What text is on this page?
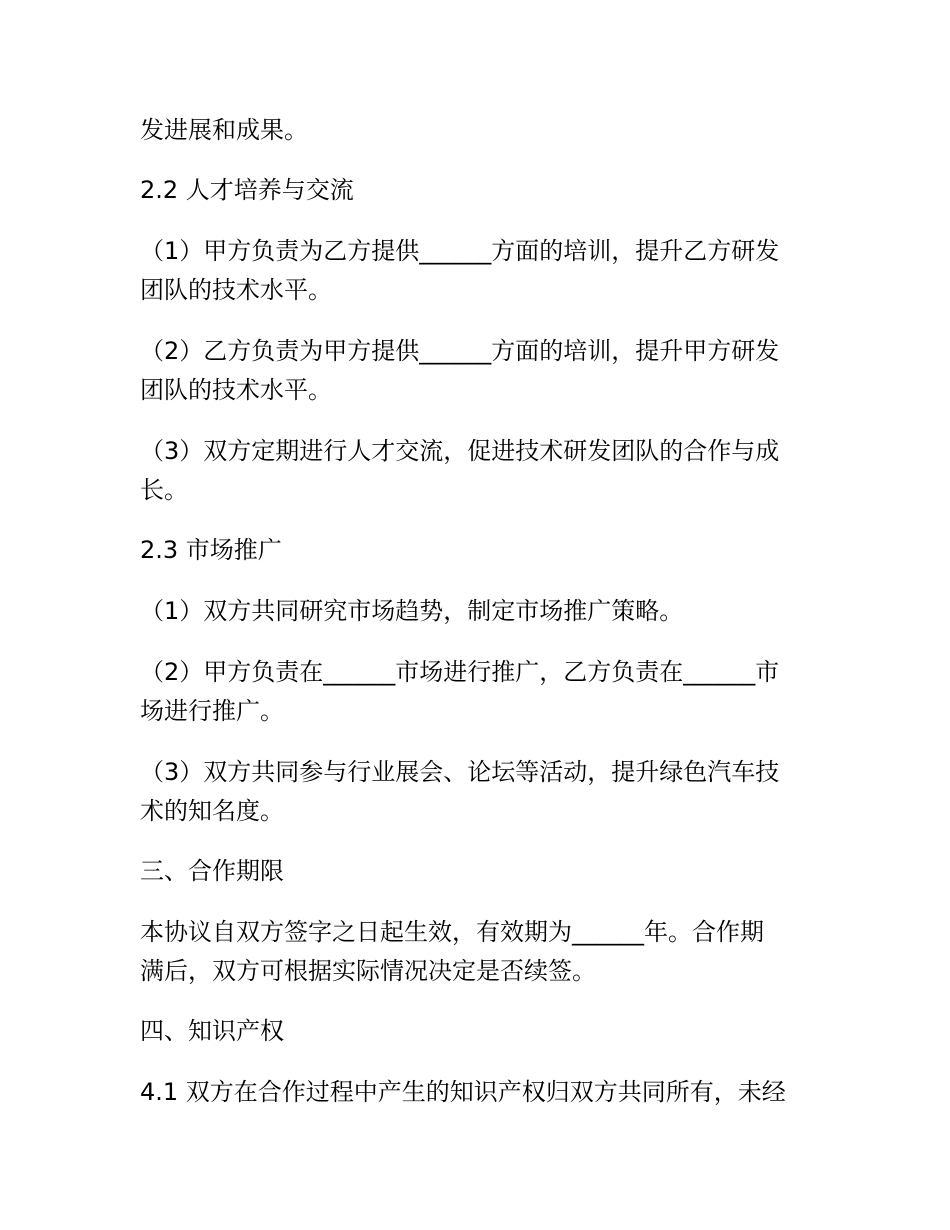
发进展和成果。
2.2 人才培养与交流
（1）甲方负责为乙方提供______方面的培训，提升乙方研发
团队的技术水平。
（2）乙方负责为甲方提供______方面的培训，提升甲方研发
团队的技术水平。
（3）双方定期进行人才交流，促进技术研发团队的合作与成
长。
2.3 市场推广
（1）双方共同研究市场趋势，制定市场推广策略。
（2）甲方负责在______市场进行推广，乙方负责在______市
场进行推广。
（3）双方共同参与行业展会、论坛等活动，提升绿色汽车技
术的知名度。
三、合作期限
本协议自双方签字之日起生效，有效期为______年。合作期
满后，双方可根据实际情况决定是否续签。
四、知识产权
4.1 双方在合作过程中产生的知识产权归双方共同所有，未经
